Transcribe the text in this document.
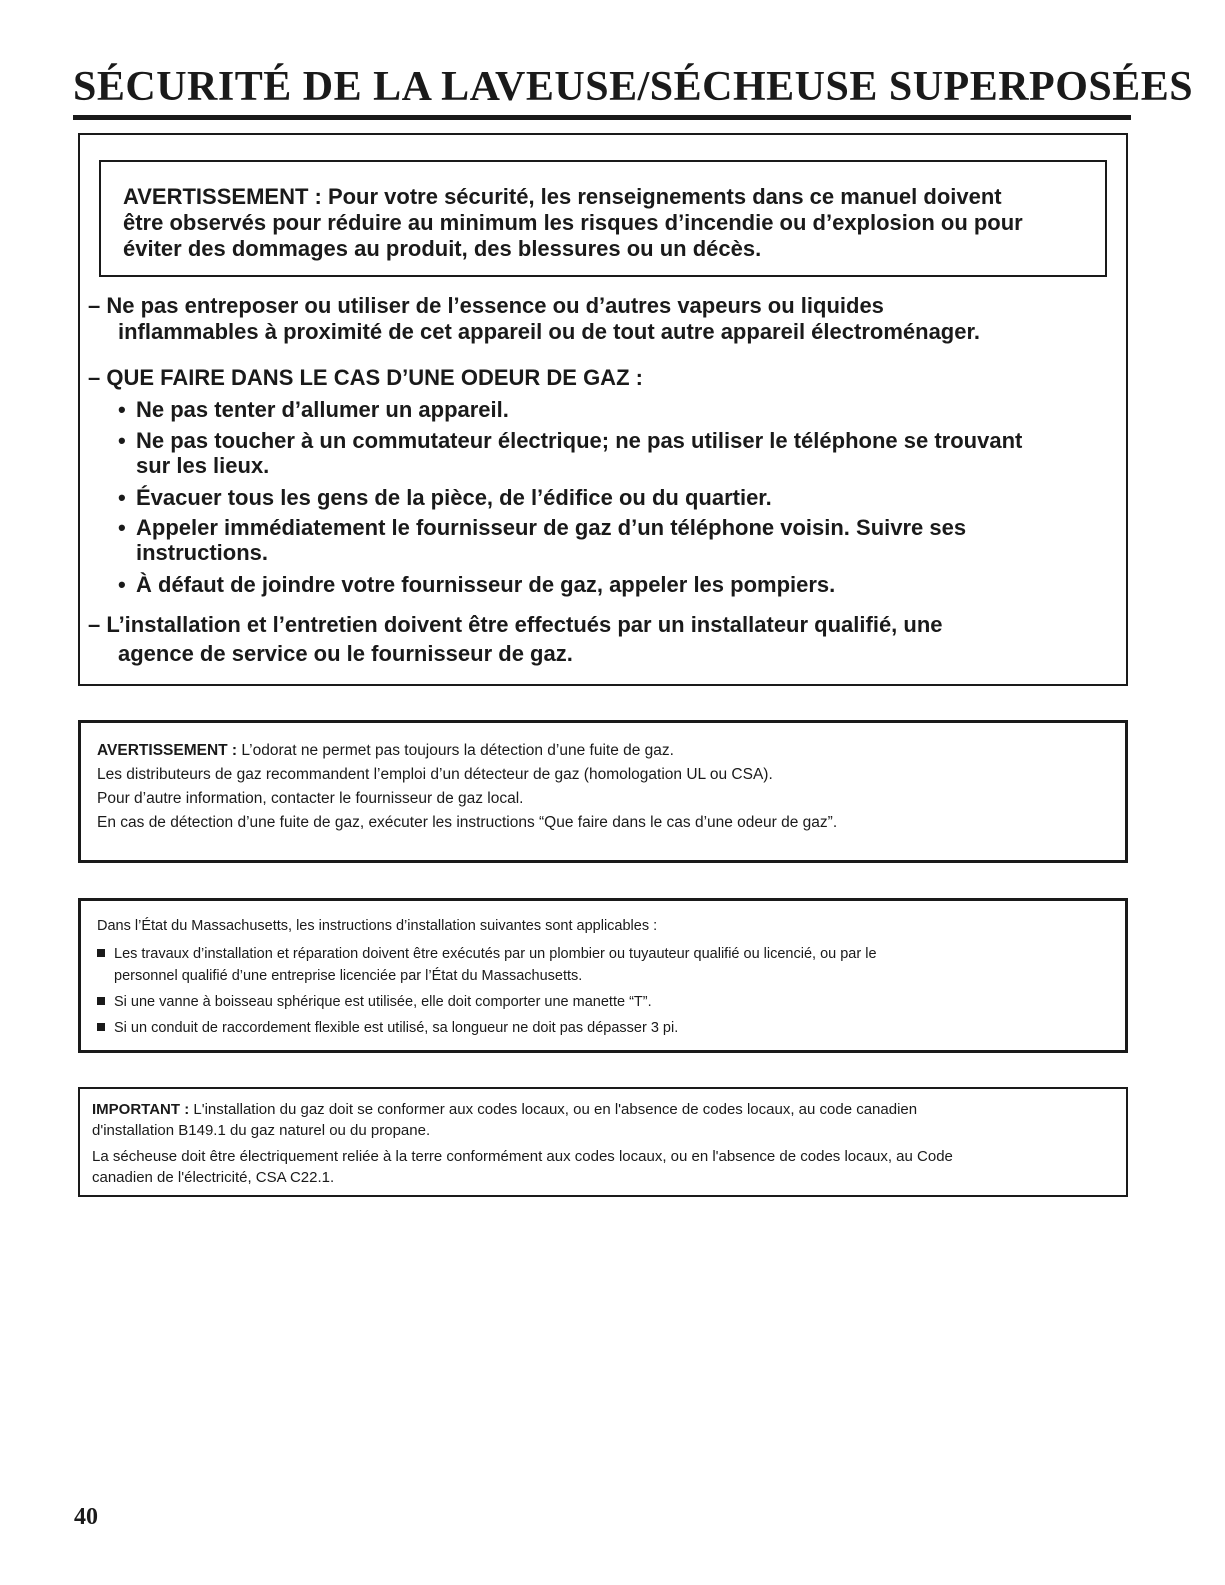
SÉCURITÉ DE LA LAVEUSE/SÉCHEUSE SUPERPOSÉES
AVERTISSEMENT : Pour votre sécurité, les renseignements dans ce manuel doivent
être observés pour réduire au minimum les risques d’incendie ou d’explosion ou pour
éviter des dommages au produit, des blessures ou un décès.
– Ne pas entreposer ou utiliser de l’essence ou d’autres vapeurs ou liquides
inflammables à proximité de cet appareil ou de tout autre appareil électroménager.
– QUE FAIRE DANS LE CAS D’UNE ODEUR DE GAZ :
• Ne pas tenter d’allumer un appareil.
• Ne pas toucher à un commutateur électrique; ne pas utiliser le téléphone se trouvant
sur les lieux.
• Évacuer tous les gens de la pièce, de l’édifice ou du quartier.
• Appeler immédiatement le fournisseur de gaz d’un téléphone voisin. Suivre ses
instructions.
• À défaut de joindre votre fournisseur de gaz, appeler les pompiers.
– L’installation et l’entretien doivent être effectués par un installateur qualifié, une
agence de service ou le fournisseur de gaz.

AVERTISSEMENT : L’odorat ne permet pas toujours la détection d’une fuite de gaz.

Les distributeurs de gaz recommandent l’emploi d’un détecteur de gaz (homologation UL ou CSA).

Pour d’autre information, contacter le fournisseur de gaz local.

En cas de détection d’une fuite de gaz, exécuter les instructions “Que faire dans le cas d’une odeur de gaz”.

Dans l’État du Massachusetts, les instructions d’installation suivantes sont applicables :

Les travaux d’installation et réparation doivent être exécutés par un plombier ou tuyauteur qualifié ou licencié, ou par le

personnel qualifié d’une entreprise licenciée par l’État du Massachusetts.

Si une vanne à boisseau sphérique est utilisée, elle doit comporter une manette “T”.

Si un conduit de raccordement flexible est utilisé, sa longueur ne doit pas dépasser 3 pi.

IMPORTANT : L'installation du gaz doit se conformer aux codes locaux, ou en l'absence de codes locaux, au code canadien

d'installation B149.1 du gaz naturel ou du propane.

La sécheuse doit être électriquement reliée à la terre conformément aux codes locaux, ou en l'absence de codes locaux, au Code

canadien de l'électricité, CSA C22.1.

40
